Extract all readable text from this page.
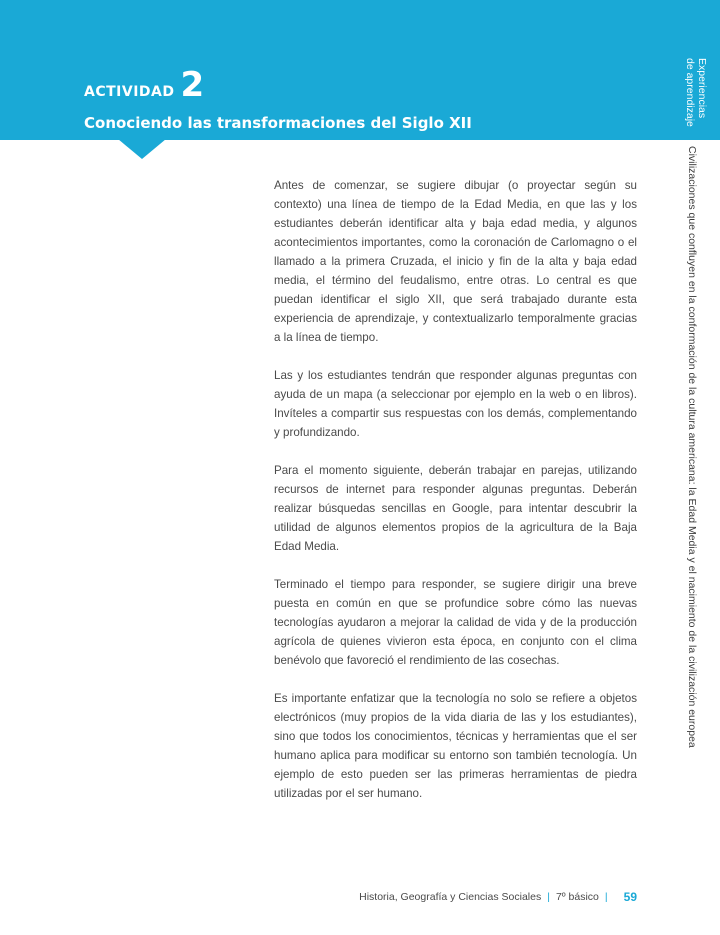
ACTIVIDAD 2
Conociendo las transformaciones del Siglo XII
Experiencias
de aprendizaje
Civilizaciones que confluyen en la conformación de la cultura americana: la Edad Media y el nacimiento de la civilización europea

Antes de comenzar, se sugiere dibujar (o proyectar según su contexto) una línea de tiempo de la Edad Media, en que las y los estudiantes deberán identificar alta y baja edad media, y algunos acontecimientos importantes, como la coronación de Carlomagno o el llamado a la primera Cruzada, el inicio y fin de la alta y baja edad media, el término del feudalismo, entre otras. Lo central es que puedan identificar el siglo XII, que será trabajado durante esta experiencia de aprendizaje, y contextualizarlo temporalmente gracias a la línea de tiempo.

Las y los estudiantes tendrán que responder algunas preguntas con ayuda de un mapa (a seleccionar por ejemplo en la web o en libros). Invíteles a compartir sus respuestas con los demás, complementando y profundizando.

Para el momento siguiente, deberán trabajar en parejas, utilizando recursos de internet para responder algunas preguntas. Deberán realizar búsquedas sencillas en Google, para intentar descubrir la utilidad de algunos elementos propios de la agricultura de la Baja Edad Media.

Terminado el tiempo para responder, se sugiere dirigir una breve puesta en común en que se profundice sobre cómo las nuevas tecnologías ayudaron a mejorar la calidad de vida y de la producción agrícola de quienes vivieron esta época, en conjunto con el clima benévolo que favoreció el rendimiento de las cosechas.

Es importante enfatizar que la tecnología no solo se refiere a objetos electrónicos (muy propios de la vida diaria de las y los estudiantes), sino que todos los conocimientos, técnicas y herramientas que el ser humano aplica para modificar su entorno son también tecnología. Un ejemplo de esto pueden ser las primeras herramientas de piedra utilizadas por el ser humano.

Historia, Geografía y Ciencias Sociales | 7º básico | 59
